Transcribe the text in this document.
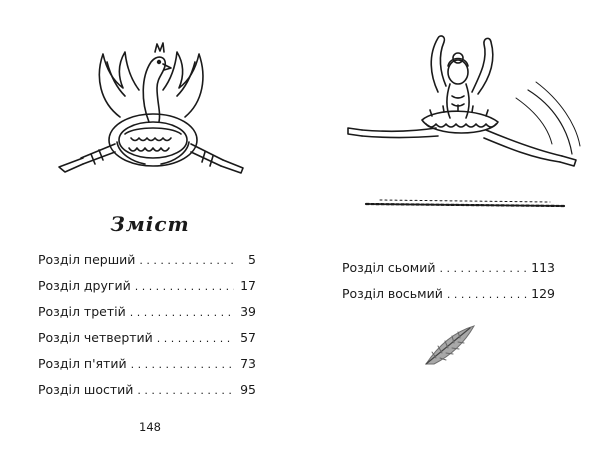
Зміст
Розділ перший . . .	5
Розділ другий . . .	17
Розділ третій . . .	39
Розділ четвертий . . .	57
Розділ п'ятий . . .	73
Розділ шостий . . .	95
148
Розділ сьомий . . .	113
Розділ восьмий . . .	129
